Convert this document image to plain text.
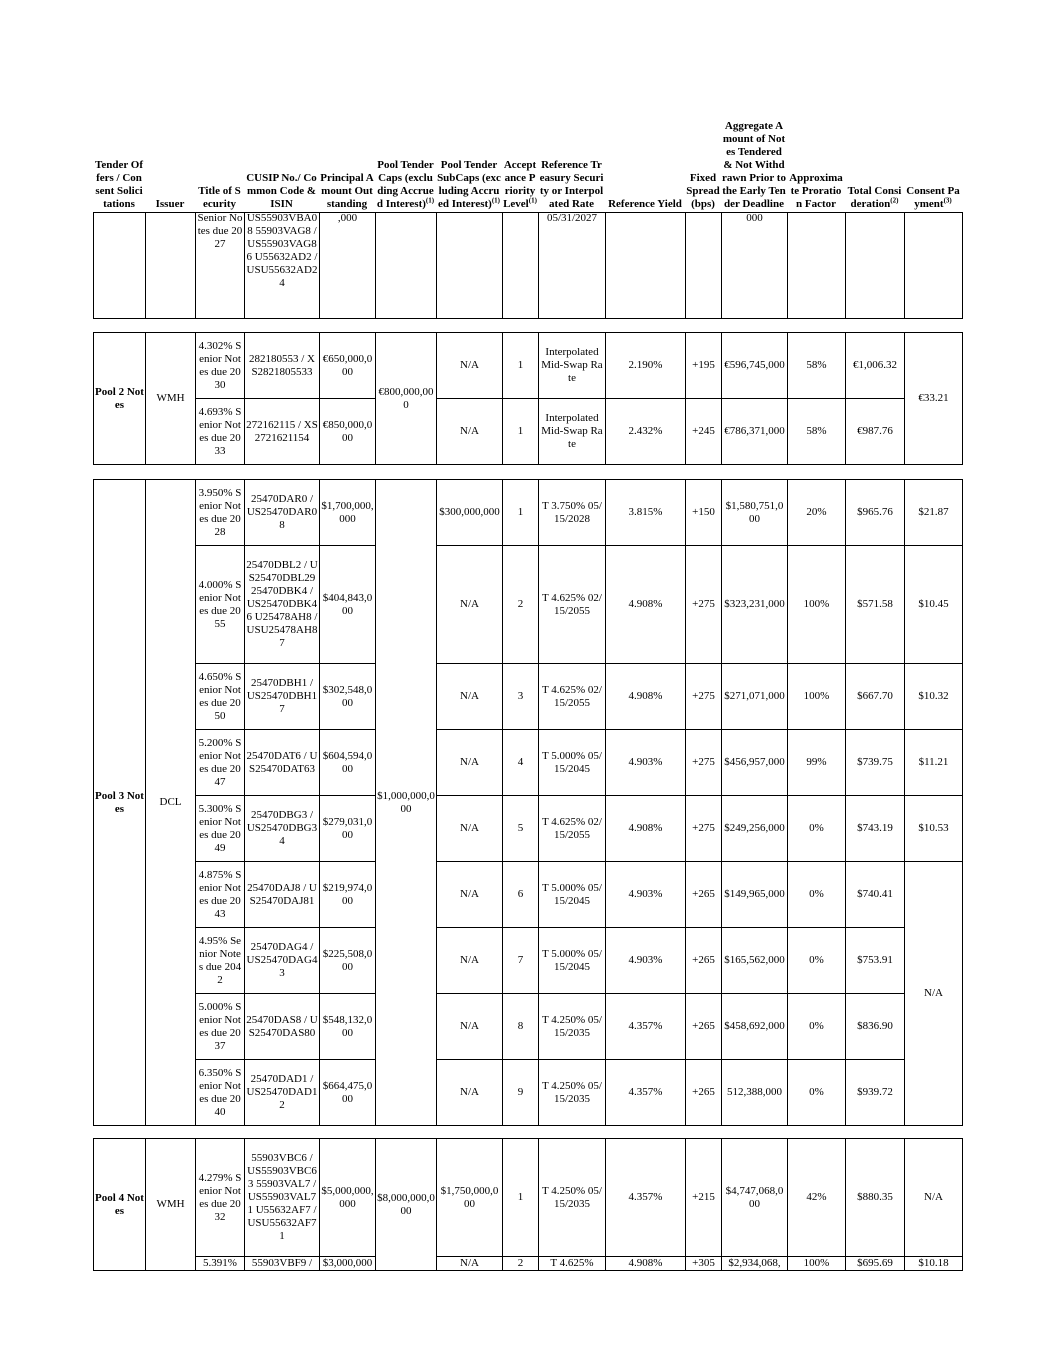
Tender Offers / Consent Solicitations	Issuer	Title of Security	CUSIP No./ Common Code & ISIN	Principal Amount Outstanding	Pool Tender Caps (excluding Accrued Interest)$^{(1)}$	Pool Tender SubCaps (excluding Accrued Interest)$^{(1)}$	Acceptance Priority Level$^{(1)}$	Reference Treasury Security or Interpolated Rate	Reference Yield	Fixed Spread (bps)	Aggregate Amount of Notes Tendered & Not Withdrawn Prior to the Early Tender Deadline	Approximate Proration Factor	Total Consideration$^{(2)}$	Consent Payment$^{(3)}$
		Senior Notes due 2027	US55903VBA08 55903VAG8 / US55903VAG86 U55632AD2 / USU55632AD24	,000				05/31/2027			000			
Pool 2 Notes	WMH	4.302% Senior Notes due 2030	282180553 / XS2821805533	€650,000,000	€800,000,000	N/A	1	Interpolated Mid-Swap Rate	2.190%	+195	€596,745,000	58%	€1,006.32	€33.21
		4.693% Senior Notes due 2033	272162115 / XS2721621154	€850,000,000		N/A	1	Interpolated Mid-Swap Rate	2.432%	+245	€786,371,000	58%	€987.76	
Pool 3 Notes	DCL	3.950% Senior Notes due 2028	25470DAR0 / US25470DAR08	$1,700,000,000	$1,000,000,000	$300,000,000	1	T 3.750% 05/15/2028	3.815%	+150	$1,580,751,000	20%	$965.76	$21.87
		4.000% Senior Notes due 2055	25470DBL2 / US25470DBL29 25470DBK4 / US25470DBK46 U25478AH8 / USU25478AH87	$404,843,000		N/A	2	T 4.625% 02/15/2055	4.908%	+275	$323,231,000	100%	$571.58	$10.45
		4.650% Senior Notes due 2050	25470DBH1 / US25470DBH17	$302,548,000		N/A	3	T 4.625% 02/15/2055	4.908%	+275	$271,071,000	100%	$667.70	$10.32
		5.200% Senior Notes due 2047	25470DAT6 / US25470DAT63	$604,594,000		N/A	4	T 5.000% 05/15/2045	4.903%	+275	$456,957,000	99%	$739.75	$11.21
		5.300% Senior Notes due 2049	25470DBG3 / US25470DBG34	$279,031,000		N/A	5	T 4.625% 02/15/2055	4.908%	+275	$249,256,000	0%	$743.19	$10.53
		4.875% Senior Notes due 2043	25470DAJ8 / US25470DAJ81	$219,974,000		N/A	6	T 5.000% 05/15/2045	4.903%	+265	$149,965,000	0%	$740.41	N/A
		4.95% Senior Notes due 2042	25470DAG4 / US25470DAG43	$225,508,000		N/A	7	T 5.000% 05/15/2045	4.903%	+265	$165,562,000	0%	$753.91	
		5.000% Senior Notes due 2037	25470DAS8 / US25470DAS80	$548,132,000		N/A	8	T 4.250% 05/15/2035	4.357%	+265	$458,692,000	0%	$836.90	
		6.350% Senior Notes due 2040	25470DAD1 / US25470DAD12	$664,475,000		N/A	9	T 4.250% 05/15/2035	4.357%	+265	512,388,000	0%	$939.72	
Pool 4 Notes	WMH	4.279% Senior Notes due 2032	55903VBC6 / US55903VBC63 55903VAL7 / US55903VAL71 U55632AF7 / USU55632AF71	$5,000,000,000	$8,000,000,000	$1,750,000,000	1	T 4.250% 05/15/2035	4.357%	+215	$4,747,068,000	42%	$880.35	N/A
		5.391%	55903VBF9 /	$3,000,000		N/A	2	T 4.625%	4.908%	+305	$2,934,068,	100%	$695.69	$10.18
